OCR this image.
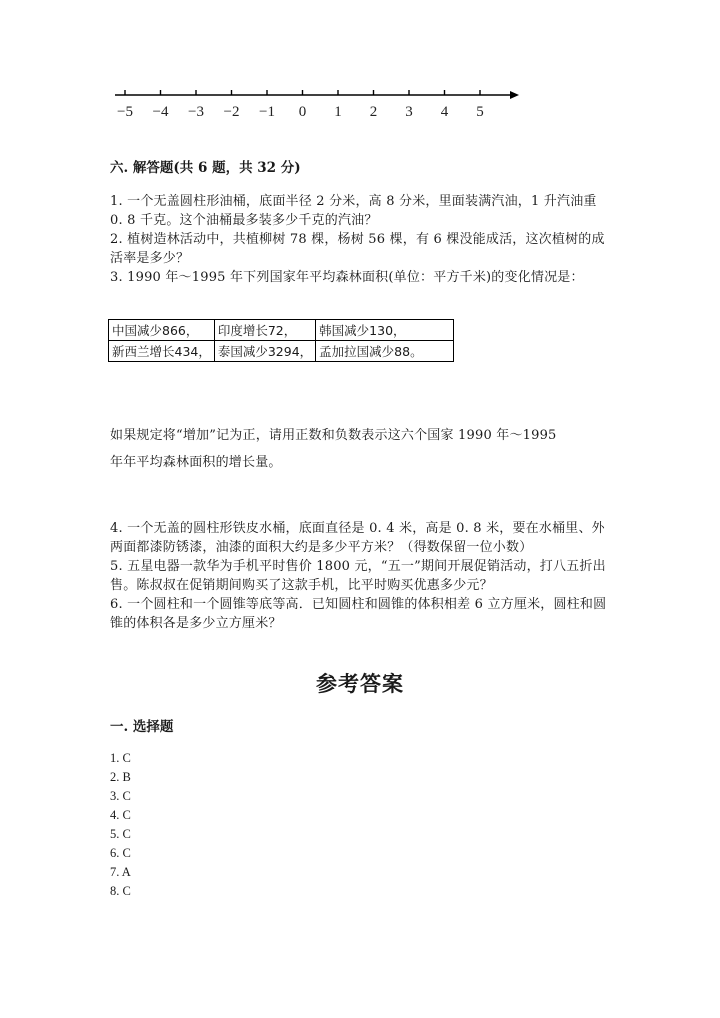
−5 −4 −3 −2 −1 0 1 2 3 4 5
六. 解答题(共 6 题，共 32 分)

1. 一个无盖圆柱形油桶，底面半径 2 分米，高 8 分米，里面装满汽油，1 升汽油重 0. 8 千克。这个油桶最多装多少千克的汽油？

2. 植树造林活动中，共植柳树 78 棵，杨树 56 棵，有 6 棵没能成活，这次植树的成活率是多少？

3. 1990 年～1995 年下列国家年平均森林面积(单位：平方千米)的变化情况是：

中国减少866，	印度增长72，	韩国减少130，
新西兰增长434，	泰国减少3294，	孟加拉国减少88。
如果规定将“增加”记为正，请用正数和负数表示这六个国家 1990 年～1995
年年平均森林面积的增长量。

4. 一个无盖的圆柱形铁皮水桶，底面直径是 0. 4 米，高是 0. 8 米，要在水桶里、外两面都漆防锈漆，油漆的面积大约是多少平方米？（得数保留一位小数）

5. 五星电器一款华为手机平时售价 1800 元，“五一”期间开展促销活动，打八五折出售。陈叔叔在促销期间购买了这款手机，比平时购买优惠多少元？

6. 一个圆柱和一个圆锥等底等高．已知圆柱和圆锥的体积相差 6 立方厘米，圆柱和圆锥的体积各是多少立方厘米？

参考答案
一. 选择题
1. C
2. B
3. C
4. C
5. C
6. C
7. A
8. C
